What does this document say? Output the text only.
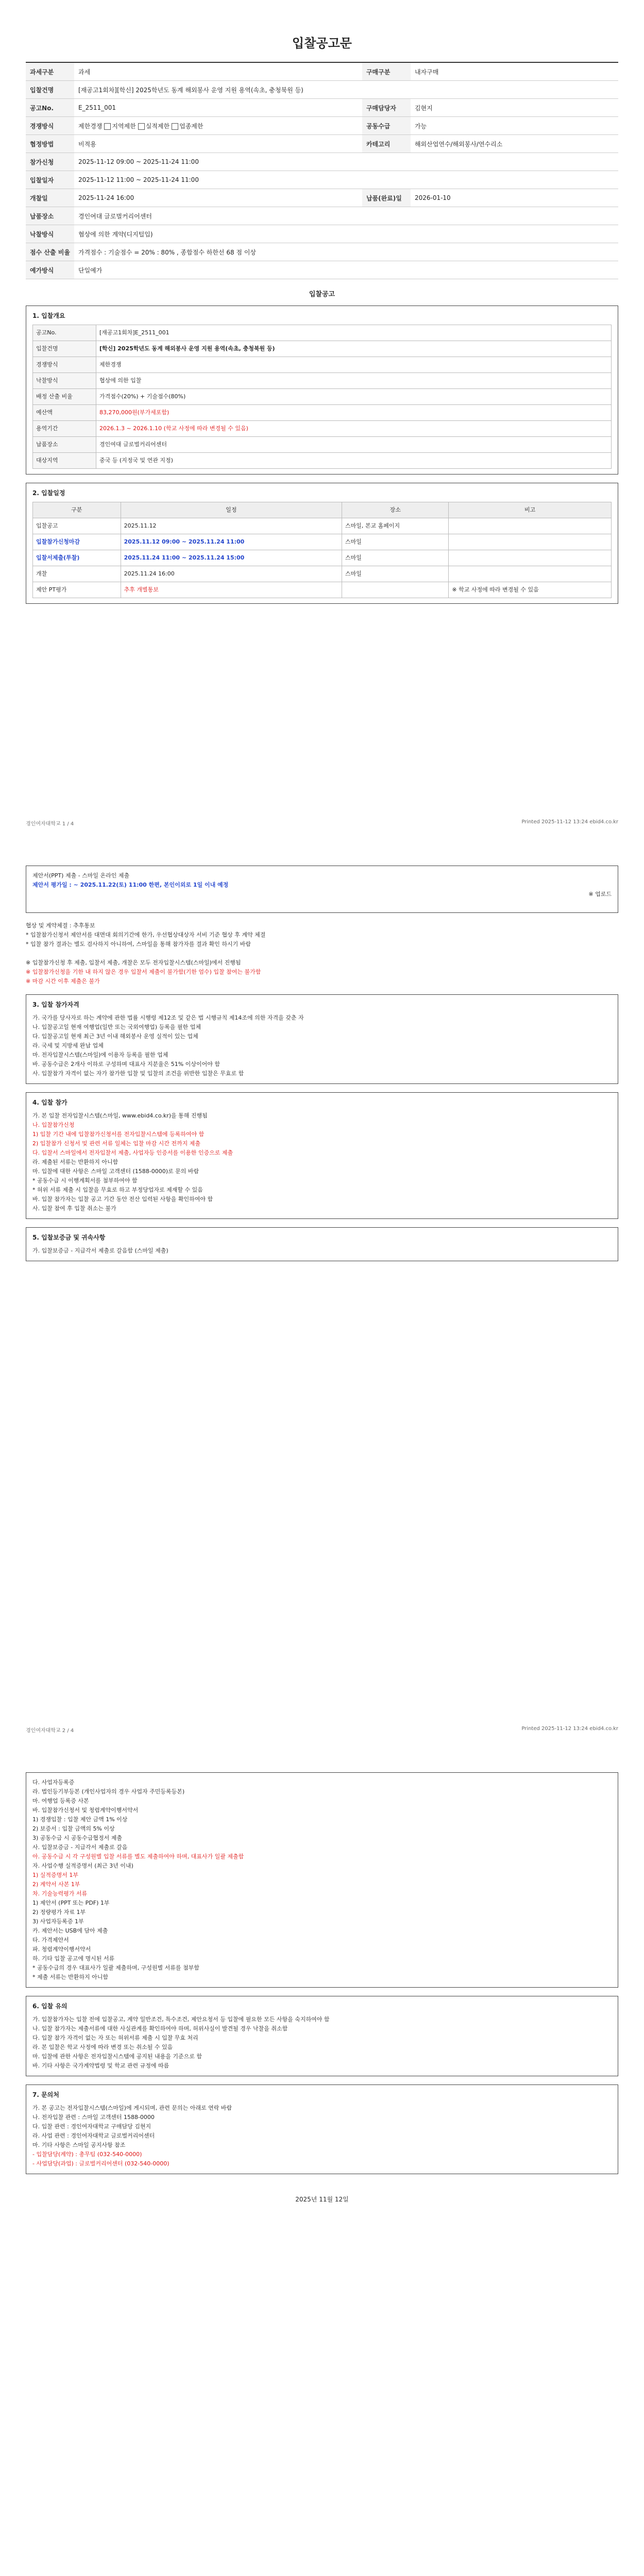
입찰공고문
과세구분	과세	구매구분	내자구매
입찰건명	[재공고1회차][학신] 2025학년도 동계 해외봉사 운영 지원 용역(속초, 충청북원 등)		
공고No.	E_2511_001	구매담당자	김현지
경쟁방식	제한경쟁 지역제한 실적제한 업종제한	공동수급	가능
협정방법	비적용	카테고리	해외산업연수/해외봉사/연수리소
참가신청	2025-11-12 09:00 ~ 2025-11-24 11:00		
입찰일자	2025-11-12 11:00 ~ 2025-11-24 11:00		
개찰일	2025-11-24 16:00	납품(완료)일	2026-01-10
납품장소	경인여대 글로벌커리어센터		
낙찰방식	협상에 의한 계약(디지털입)		
점수 산출 비율	가격점수 : 기술점수 = 20% : 80% , 종합점수 하한선 68 점 이상		
예가방식	단일예가		
입찰공고
1. 입찰개요
공고No.	[재공고1회차]E_2511_001
입찰건명	[학신] 2025학년도 동계 해외봉사 운영 지원 용역(속초, 충청북원 등)
경쟁방식	제한경쟁
낙찰방식	협상에 의한 입찰
배정 산출 비율	가격점수(20%) + 기술점수(80%)
예산액	83,270,000원(부가세포함)
용역기간	2026.1.3 ~ 2026.1.10 (학교 사정에 따라 변경될 수 있음)
납품장소	경인여대 글로벌커리어센터
대상지역	중국 등 (지정국 및 연관 지정)
2. 입찰일정
구분	일정	장소	비고
입찰공고	2025.11.12	스마일, 본교 홈페이지	
입찰참가신청마감	2025.11.12 09:00 ~ 2025.11.24 11:00	스마일	
입찰서제출(투찰)	2025.11.24 11:00 ~ 2025.11.24 15:00	스마일	
개찰	2025.11.24 16:00	스마일	
제안 PT평가	추후 개별통보		※ 학교 사정에 따라 변경될 수 있음
경인여자대학교 1 / 4	Printed 2025-11-12 13:24 ebid4.co.kr
제안서(PPT) 제출 - 스마일 온라인 제출
제안서 평가일 : ~ 2025.11.22(토) 11:00 한편, 본인이외로 1일 이내 예정
※ 업로드

협상 및 계약체결 : 추후통보

* 입찰참가신청서 제안서를 대면대 회의기간에 한가, 우선협상대상자 서비 기준 협상 후 계약 체결

* 입찰 참가 결과는 별도 검사하지 아니하여, 스마일을 통해 참가자를 결과 확인 하시기 바람

※ 입찰참가신청 후 제출, 입찰서 제출, 개찰은 모두 전자입찰시스템(스마일)에서 진행됨

※ 입찰참가신청을 기한 내 하지 않은 경우 입찰서 제출이 불가함(기한 엄수) 입찰 참여는 불가함

※ 마감 시간 이후 제출은 불가

3. 입찰 참가자격

가. 국가를 당사자로 하는 계약에 관한 법률 시행령 제12조 및 같은 법 시행규칙 제14조에 의한 자격을 갖춘 자

나. 입찰공고일 현재 여행업(일반 또는 국외여행업) 등록을 필한 업체

다. 입찰공고일 현재 최근 3년 이내 해외봉사 운영 실적이 있는 업체

라. 국세 및 지방세 완납 업체

마. 전자입찰시스템(스마일)에 이용자 등록을 필한 업체

바. 공동수급은 2개사 이하로 구성하며 대표사 지분율은 51% 이상이어야 함

사. 입찰참가 자격이 없는 자가 참가한 입찰 및 입찰의 조건을 위반한 입찰은 무효로 함

4. 입찰 참가

가. 본 입찰 전자입찰시스템(스마일, www.ebid4.co.kr)을 통해 진행됨

나. 입찰참가신청

1) 입찰 기간 내에 입찰참가신청서를 전자입찰시스템에 등록하여야 함

2) 입찰참가 신청서 및 관련 서류 일체는 입찰 마감 시간 전까지 제출

다. 입찰서 스마일에서 전자입찰서 제출, 사업자등 인증서를 이용한 인증으로 제출

라. 제출된 서류는 반환하지 아니함

마. 입찰에 대한 사항은 스마일 고객센터 (1588-0000)로 문의 바람

* 공동수급 시 이행계획서를 첨부하여야 함

* 허위 서류 제출 시 입찰을 무효로 하고 부정당업자로 제재할 수 있음

바. 입찰 참가자는 입찰 공고 기간 동안 전산 입력된 사항을 확인하여야 함

사. 입찰 참여 후 입찰 취소는 불가

5. 입찰보증금 및 귀속사항
가. 입찰보증금 - 지급각서 제출로 갈음함 (스마일 제출)
경인여자대학교 2 / 4	Printed 2025-11-12 13:24 ebid4.co.kr

다. 사업자등록증

라. 법인등기부등본 (개인사업자의 경우 사업자 주민등록등본)

마. 여행업 등록증 사본

바. 입찰참가신청서 및 청렴계약이행서약서

1) 경쟁입찰 : 입찰 제안 금액 1% 이상

2) 보증서 : 입찰 금액의 5% 이상

3) 공동수급 시 공동수급협정서 제출

사. 입찰보증금 - 지급각서 제출로 갈음

아. 공동수급 시 각 구성원별 입찰 서류를 별도 제출하여야 하며, 대표사가 일괄 제출함

자. 사업수행 실적증명서 (최근 3년 이내)

1) 실적증명서 1부

2) 계약서 사본 1부

차. 기술능력평가 서류

1) 제안서 (PPT 또는 PDF) 1부

2) 정량평가 자료 1부

3) 사업자등록증 1부

카. 제안서는 USB에 담아 제출

타. 가격제안서

파. 청렴계약이행서약서

하. 기타 입찰 공고에 명시된 서류

* 공동수급의 경우 대표사가 일괄 제출하며, 구성원별 서류를 첨부함

* 제출 서류는 반환하지 아니함

6. 입찰 유의

가. 입찰참가자는 입찰 전에 입찰공고, 계약 일반조건, 특수조건, 제안요청서 등 입찰에 필요한 모든 사항을 숙지하여야 함

나. 입찰 참가자는 제출서류에 대한 사실관계를 확인하여야 하며, 허위사실이 발견될 경우 낙찰을 취소함

다. 입찰 참가 자격이 없는 자 또는 허위서류 제출 시 입찰 무효 처리

라. 본 입찰은 학교 사정에 따라 변경 또는 취소될 수 있음

마. 입찰에 관한 사항은 전자입찰시스템에 공지된 내용을 기준으로 함

바. 기타 사항은 국가계약법령 및 학교 관련 규정에 따름

7. 문의처

가. 본 공고는 전자입찰시스템(스마일)에 게시되며, 관련 문의는 아래로 연락 바람

나. 전자입찰 관련 : 스마일 고객센터 1588-0000

다. 입찰 관련 : 경인여자대학교 구매담당 김현지

라. 사업 관련 : 경인여자대학교 글로벌커리어센터

마. 기타 사항은 스마일 공지사항 참조

- 입찰담당(계약) : 총무팀 (032-540-0000)

- 사업담당(과업) : 글로벌커리어센터 (032-540-0000)

2025년 11월 12일
